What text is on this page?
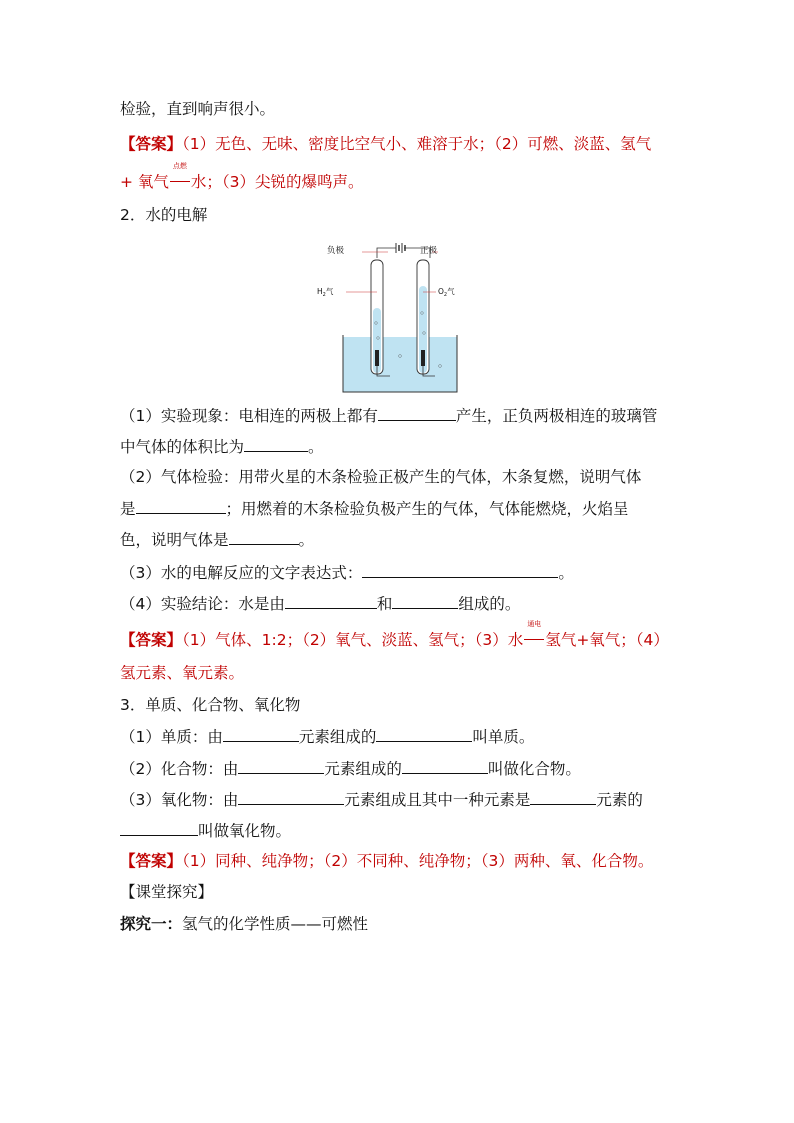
检验，直到响声很小。
【答案】（1）无色、无味、密度比空气小、难溶于水；（2）可燃、淡蓝、氢气
+ 氧气
点燃
水；（3）尖锐的爆鸣声。
2．水的电解
负极	正极
$H_2$气	$O_2$气
（1）实验现象：电相连的两极上都有	产生，正负两极相连的玻璃管
中气体的体积比为	。
（2）气体检验：用带火星的木条检验正极产生的气体，木条复燃，说明气体
是	；用燃着的木条检验负极产生的气体，气体能燃烧，火焰呈
色，说明气体是	。
（3）水的电解反应的文字表达式：	。
（4）实验结论：水是由	和	组成的。
【答案】（1）气体、1:2；（2）氧气、淡蓝、氢气；（3）水
通电
氢气+氧气；（4）
氢元素、氧元素。
3．单质、化合物、氧化物
（1）单质：由	元素组成的	叫单质。
（2）化合物：由	元素组成的	叫做化合物。
（3）氧化物：由	元素组成且其中一种元素是	元素的
叫做氧化物。
【答案】（1）同种、纯净物；（2）不同种、纯净物；（3）两种、氧、化合物。
【课堂探究】
探究一：氢气的化学性质——可燃性
